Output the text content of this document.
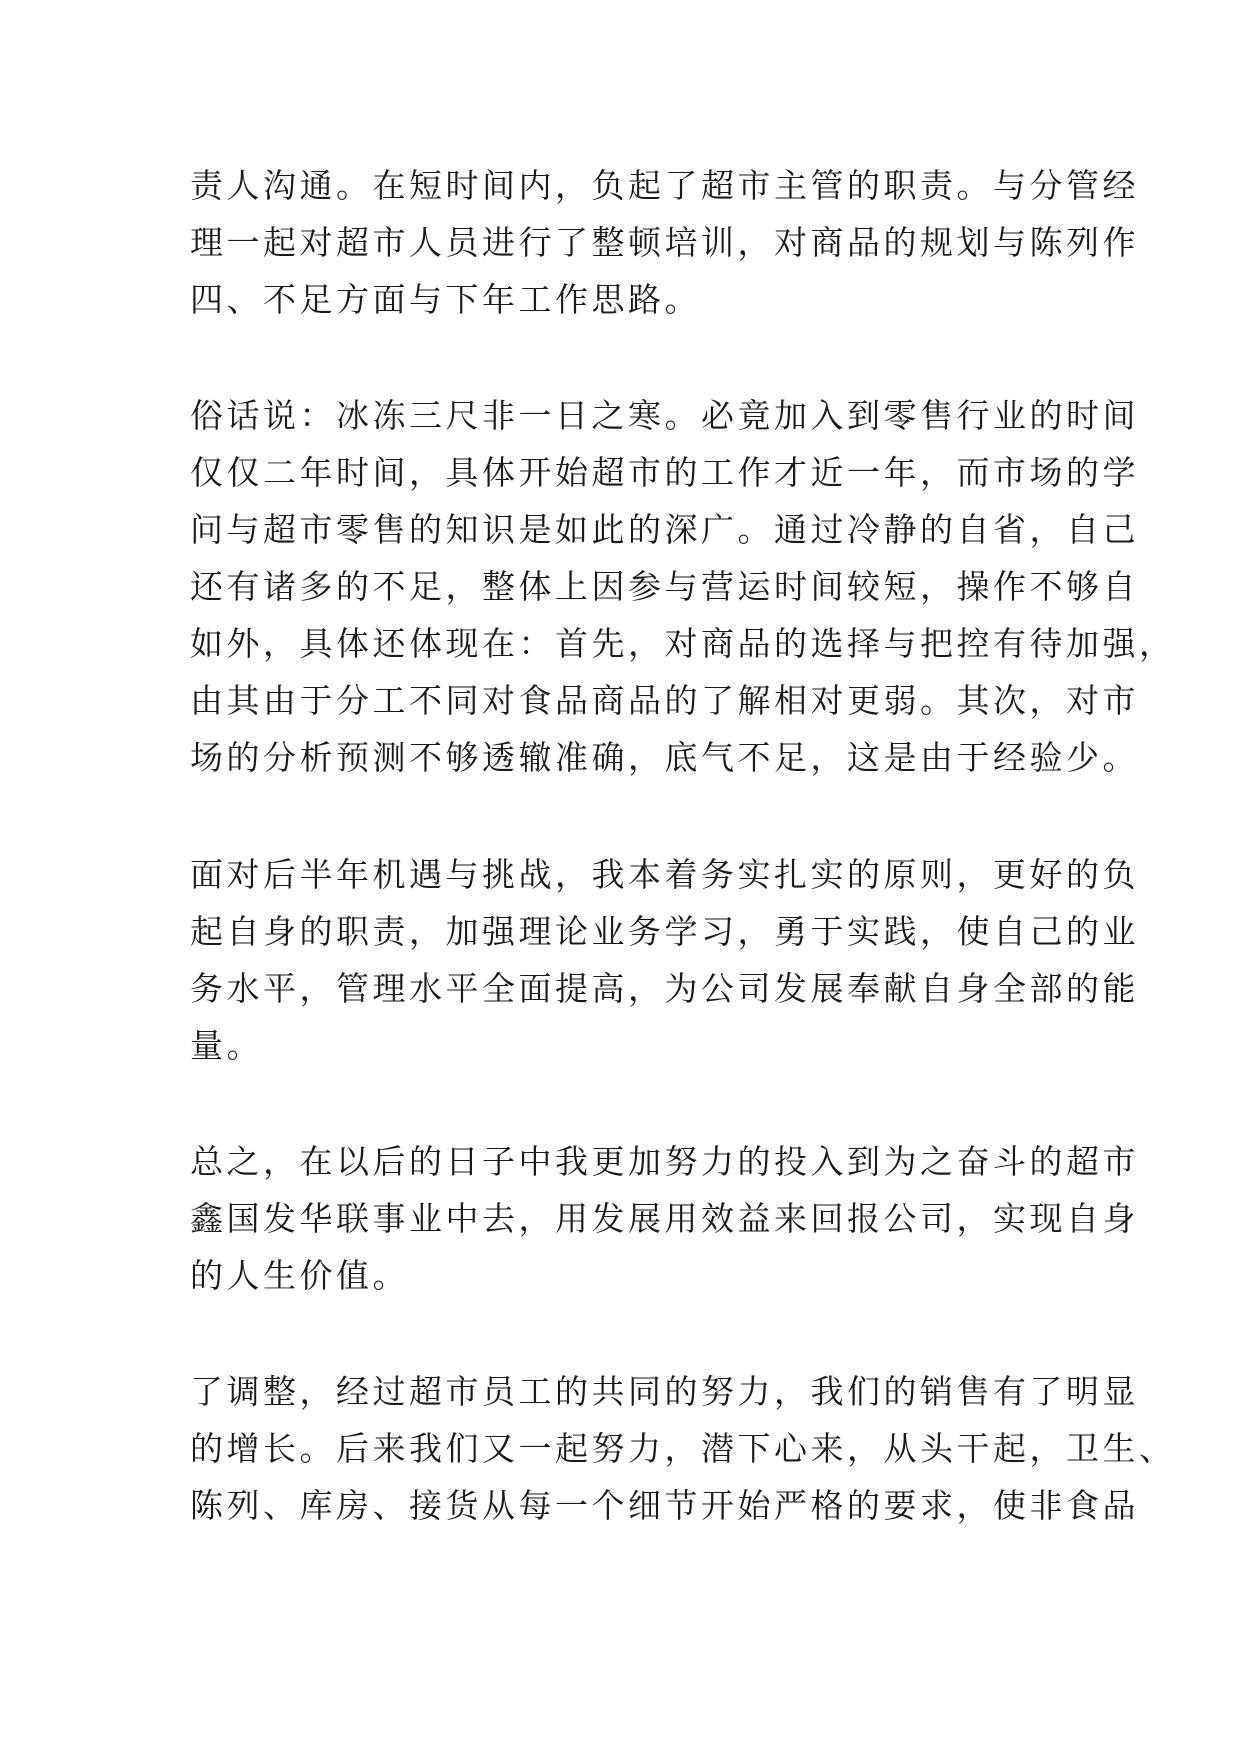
责人沟通。在短时间内，负起了超市主管的职责。与分管经
理一起对超市人员进行了整顿培训，对商品的规划与陈列作
四、不足方面与下年工作思路。
俗话说：冰冻三尺非一日之寒。必竟加入到零售行业的时间
仅仅二年时间，具体开始超市的工作才近一年，而市场的学
问与超市零售的知识是如此的深广。通过冷静的自省，自己
还有诸多的不足，整体上因参与营运时间较短，操作不够自
如外，具体还体现在：首先，对商品的选择与把控有待加强，
由其由于分工不同对食品商品的了解相对更弱。其次，对市
场的分析预测不够透辙准确，底气不足，这是由于经验少。
面对后半年机遇与挑战，我本着务实扎实的原则，更好的负
起自身的职责，加强理论业务学习，勇于实践，使自己的业
务水平，管理水平全面提高，为公司发展奉献自身全部的能
量。
总之，在以后的日子中我更加努力的投入到为之奋斗的超市
鑫国发华联事业中去，用发展用效益来回报公司，实现自身
的人生价值。
了调整，经过超市员工的共同的努力，我们的销售有了明显
的增长。后来我们又一起努力，潜下心来，从头干起，卫生、
陈列、库房、接货从每一个细节开始严格的要求，使非食品
